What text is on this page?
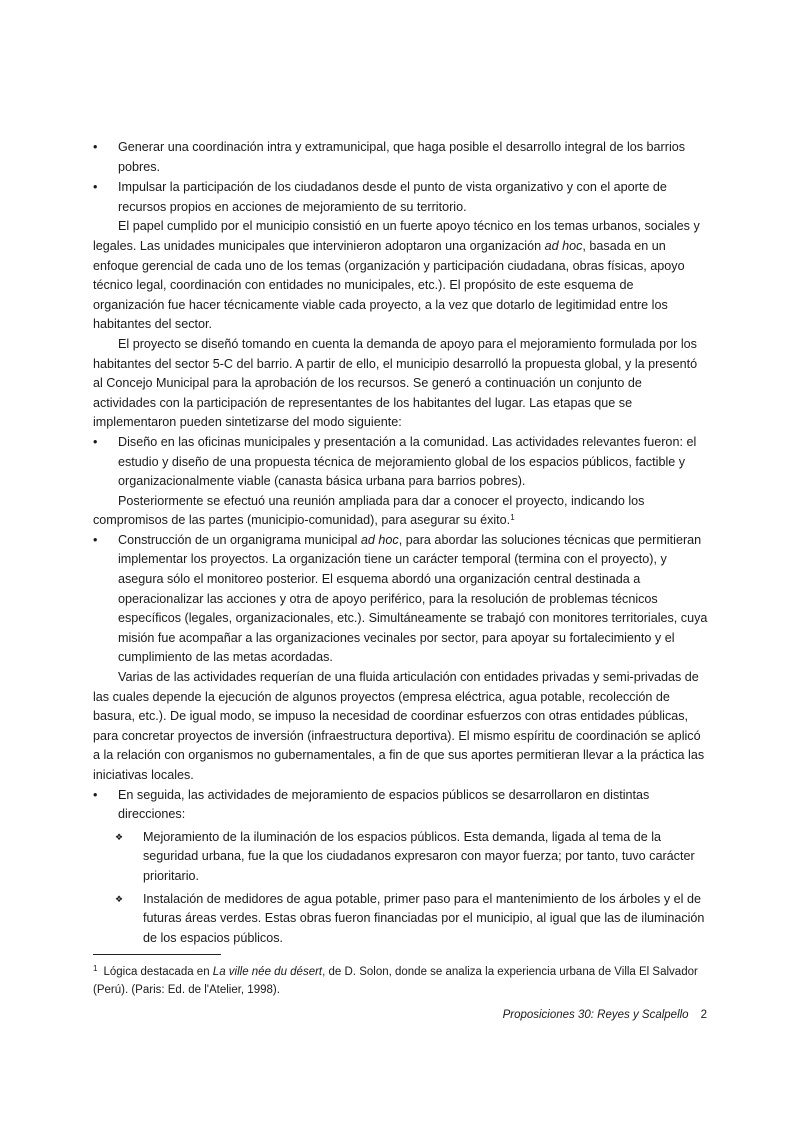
• Generar una coordinación intra y extramunicipal, que haga posible el desarrollo integral de los barrios pobres.

• Impulsar la participación de los ciudadanos desde el punto de vista organizativo y con el aporte de recursos propios en acciones de mejoramiento de su territorio.

El papel cumplido por el municipio consistió en un fuerte apoyo técnico en los temas urbanos, sociales y legales. Las unidades municipales que intervinieron adoptaron una organización ad hoc, basada en un enfoque gerencial de cada uno de los temas (organización y participación ciudadana, obras físicas, apoyo técnico legal, coordinación con entidades no municipales, etc.). El propósito de este esquema de organización fue hacer técnicamente viable cada proyecto, a la vez que dotarlo de legitimidad entre los habitantes del sector.

El proyecto se diseñó tomando en cuenta la demanda de apoyo para el mejoramiento formulada por los habitantes del sector 5-C del barrio. A partir de ello, el municipio desarrolló la propuesta global, y la presentó al Concejo Municipal para la aprobación de los recursos. Se generó a continuación un conjunto de actividades con la participación de representantes de los habitantes del lugar. Las etapas que se implementaron pueden sintetizarse del modo siguiente:

• Diseño en las oficinas municipales y presentación a la comunidad. Las actividades relevantes fueron: el estudio y diseño de una propuesta técnica de mejoramiento global de los espacios públicos, factible y organizacionalmente viable (canasta básica urbana para barrios pobres).

Posteriormente se efectuó una reunión ampliada para dar a conocer el proyecto, indicando los compromisos de las partes (municipio-comunidad), para asegurar su éxito.$^1$

• Construcción de un organigrama municipal ad hoc, para abordar las soluciones técnicas que permitieran implementar los proyectos. La organización tiene un carácter temporal (termina con el proyecto), y asegura sólo el monitoreo posterior. El esquema abordó una organización central destinada a operacionalizar las acciones y otra de apoyo periférico, para la resolución de problemas técnicos específicos (legales, organizacionales, etc.). Simultáneamente se trabajó con monitores territoriales, cuya misión fue acompañar a las organizaciones vecinales por sector, para apoyar su fortalecimiento y el cumplimiento de las metas acordadas.

Varias de las actividades requerían de una fluida articulación con entidades privadas y semi-privadas de las cuales depende la ejecución de algunos proyectos (empresa eléctrica, agua potable, recolección de basura, etc.). De igual modo, se impuso la necesidad de coordinar esfuerzos con otras entidades públicas, para concretar proyectos de inversión (infraestructura deportiva). El mismo espíritu de coordinación se aplicó a la relación con organismos no gubernamentales, a fin de que sus aportes permitieran llevar a la práctica las iniciativas locales.

• En seguida, las actividades de mejoramiento de espacios públicos se desarrollaron en distintas direcciones:

❖ Mejoramiento de la iluminación de los espacios públicos. Esta demanda, ligada al tema de la seguridad urbana, fue la que los ciudadanos expresaron con mayor fuerza; por tanto, tuvo carácter prioritario.

❖ Instalación de medidores de agua potable, primer paso para el mantenimiento de los árboles y el de futuras áreas verdes. Estas obras fueron financiadas por el municipio, al igual que las de iluminación de los espacios públicos.

$^1$ Lógica destacada en La ville née du désert, de D. Solon, donde se analiza la experiencia urbana de Villa El Salvador (Perú). (Paris: Ed. de l'Atelier, 1998).
Proposiciones 30: Reyes y Scalpello 2
